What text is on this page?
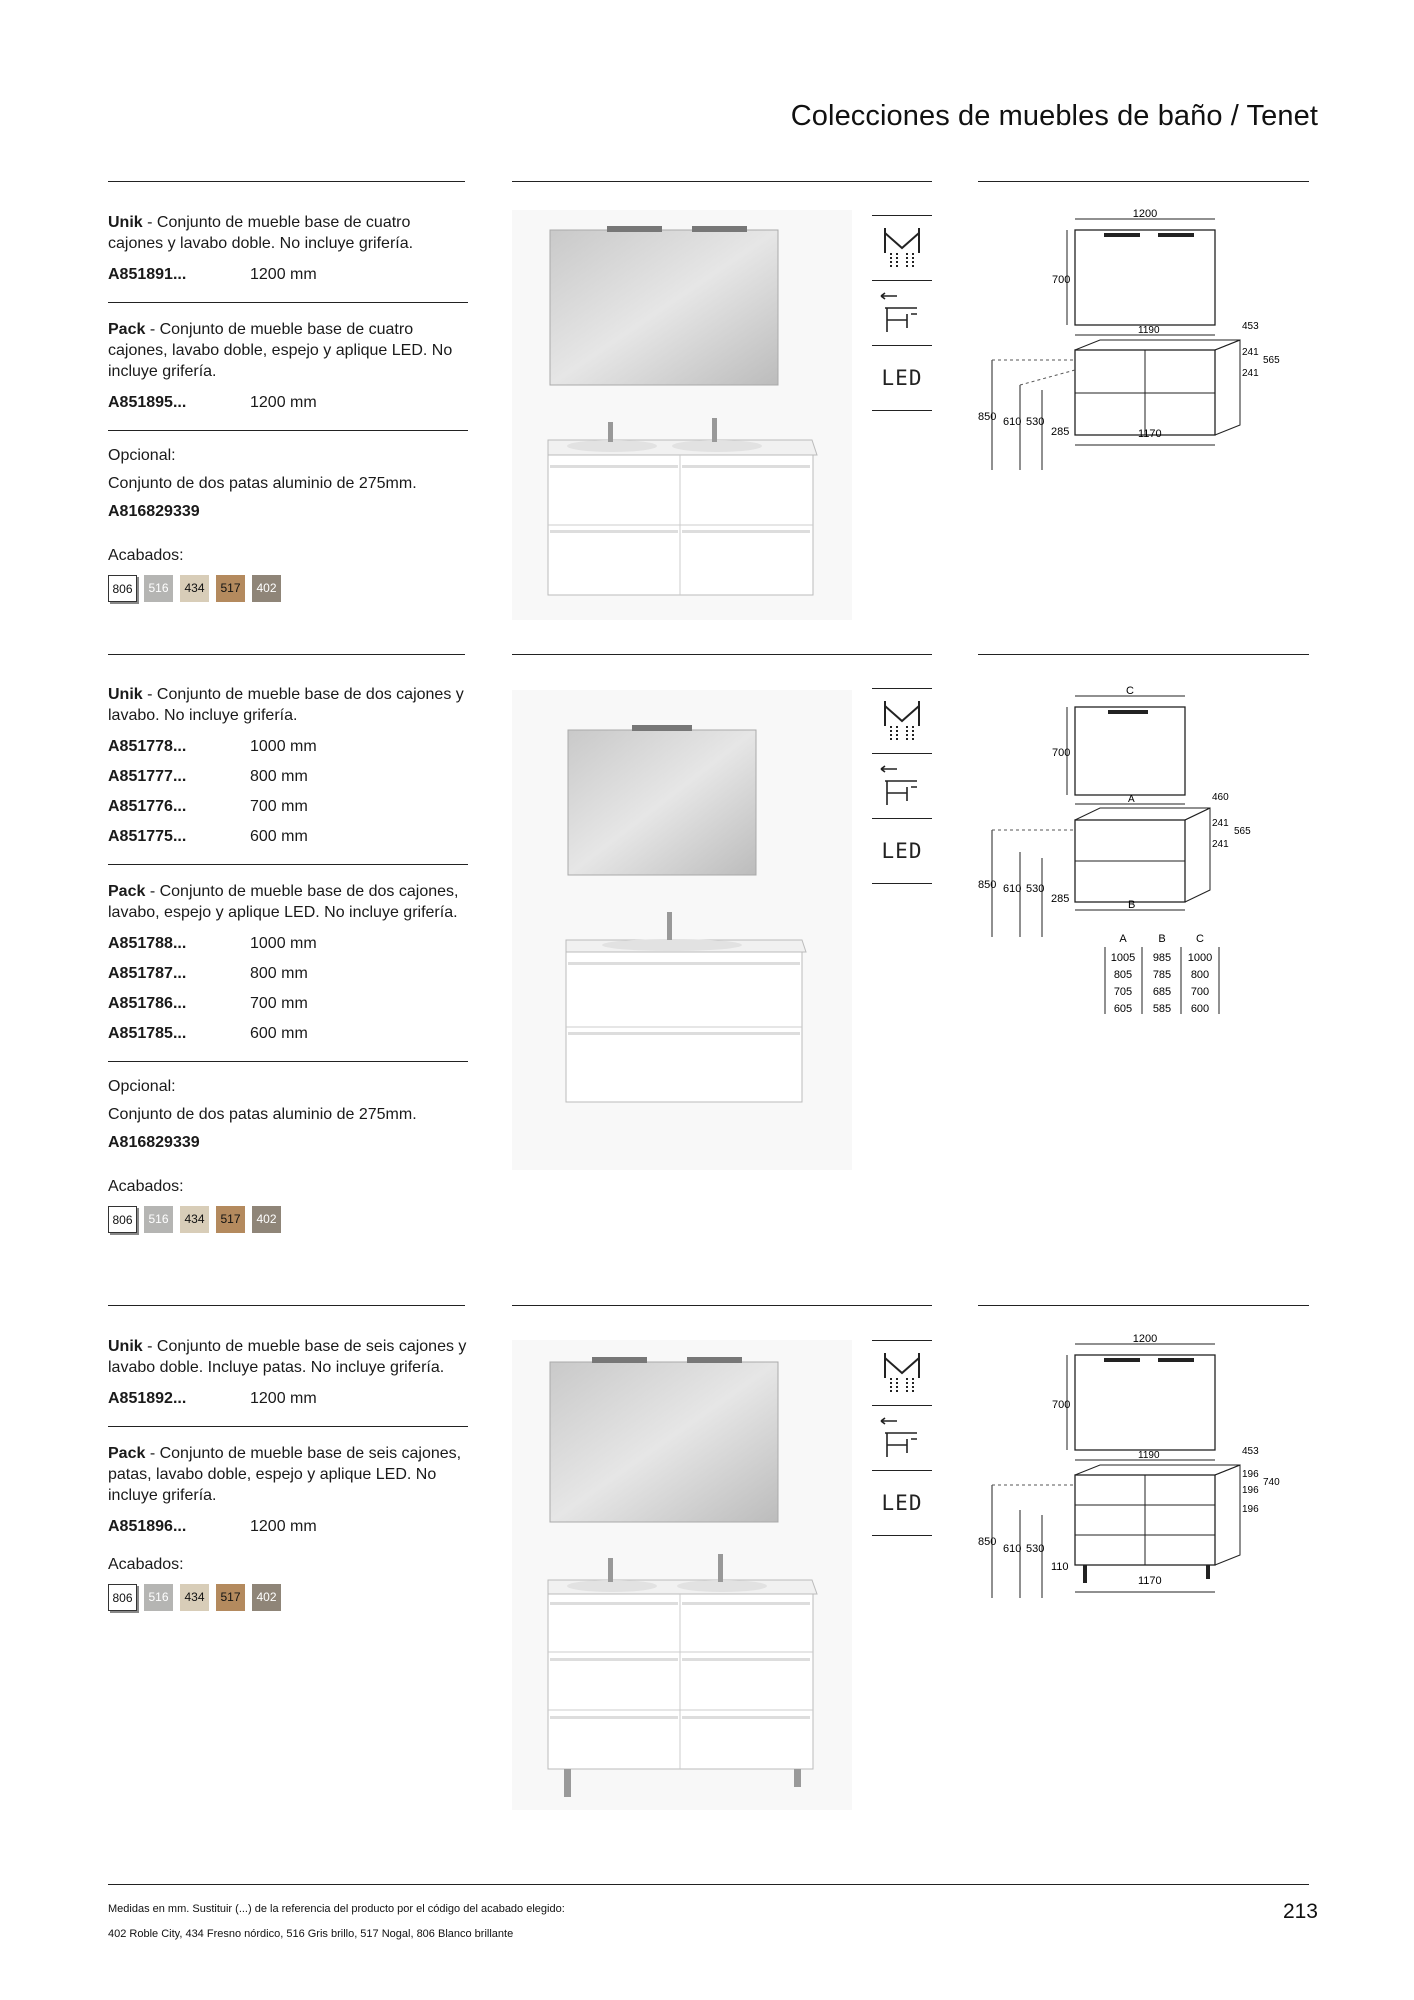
Colecciones de muebles de baño / Tenet

Unik - Conjunto de mueble base de cuatro cajones y lavabo doble. No incluye grifería.

A851891...	1200 mm

Pack - Conjunto de mueble base de cuatro cajones, lavabo doble, espejo y aplique LED. No incluye grifería.

A851895...	1200 mm
Opcional:
Conjunto de dos patas aluminio de 275mm.
A816829339
Acabados:
806	516	434	517	402
LED
1200
700
1190	453
241
565
241
850 610 530
285	1170

Unik - Conjunto de mueble base de dos cajones y lavabo. No incluye grifería.

A851778...	1000 mm
A851777...	800 mm
A851776...	700 mm
A851775...	600 mm

Pack - Conjunto de mueble base de dos cajones, lavabo, espejo y aplique LED. No incluye grifería.

A851788...	1000 mm
A851787...	800 mm
A851786...	700 mm
A851785...	600 mm
Opcional:
Conjunto de dos patas aluminio de 275mm.
A816829339
Acabados:
806	516	434	517	402
LED
C
700
A	460
241
565
241
850 610 530
285	B
A	B	C
1005 985 1000
805 785 800
705 685 700
605 585 600

Unik - Conjunto de mueble base de seis cajones y lavabo doble. Incluye patas. No incluye grifería.

A851892...	1200 mm

Pack - Conjunto de mueble base de seis cajones, patas, lavabo doble, espejo y aplique LED. No incluye grifería.

A851896...	1200 mm
Acabados:
806	516	434	517	402
LED
1200
700
1190	453
196
740
196
196
850
610 530
110
1170
Medidas en mm. Sustituir (...) de la referencia del producto por el código del acabado elegido:
402 Roble City, 434 Fresno nórdico, 516 Gris brillo, 517 Nogal, 806 Blanco brillante
213
